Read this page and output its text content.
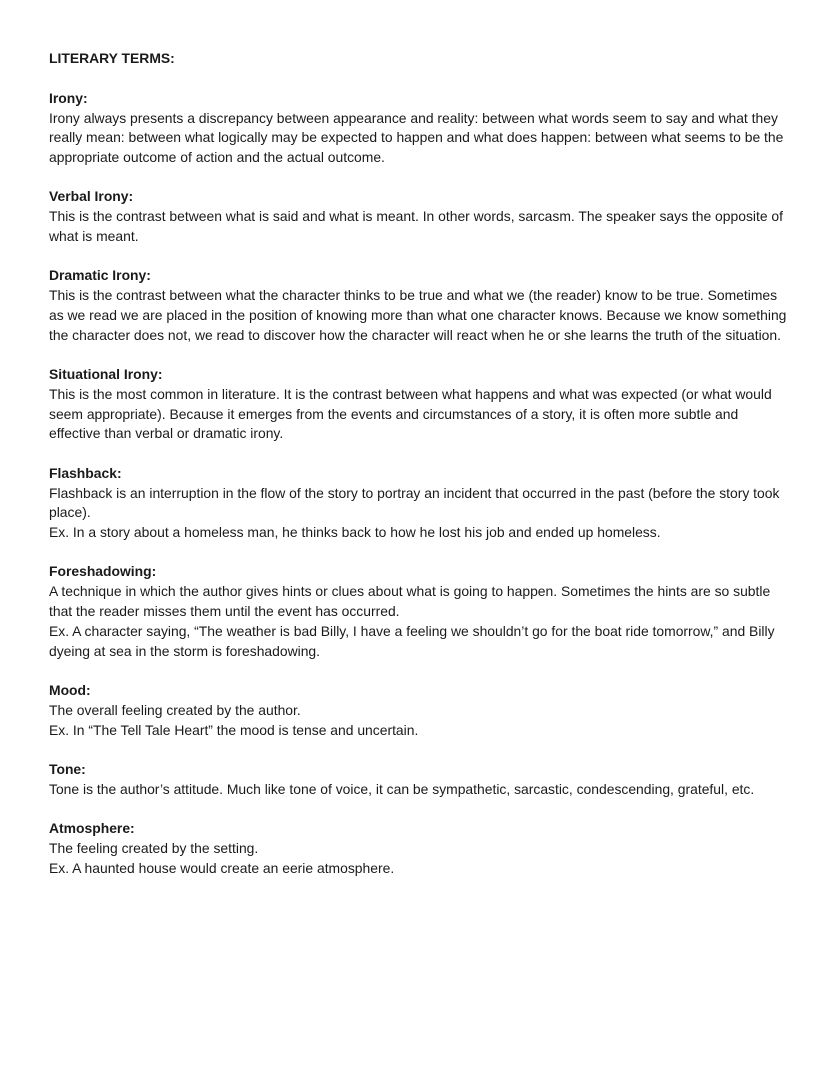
LITERARY TERMS:
Irony:
Irony always presents a discrepancy between appearance and reality: between what words seem to say and what they really mean: between what logically may be expected to happen and what does happen: between what seems to be the appropriate outcome of action and the actual outcome.
Verbal Irony:
This is the contrast between what is said and what is meant. In other words, sarcasm. The speaker says the opposite of what is meant.
Dramatic Irony:
This is the contrast between what the character thinks to be true and what we (the reader) know to be true. Sometimes as we read we are placed in the position of knowing more than what one character knows. Because we know something the character does not, we read to discover how the character will react when he or she learns the truth of the situation.
Situational Irony:
This is the most common in literature. It is the contrast between what happens and what was expected (or what would seem appropriate). Because it emerges from the events and circumstances of a story, it is often more subtle and effective than verbal or dramatic irony.
Flashback:
Flashback is an interruption in the flow of the story to portray an incident that occurred in the past (before the story took place).
Ex. In a story about a homeless man, he thinks back to how he lost his job and ended up homeless.
Foreshadowing:
A technique in which the author gives hints or clues about what is going to happen. Sometimes the hints are so subtle that the reader misses them until the event has occurred.
Ex. A character saying, “The weather is bad Billy, I have a feeling we shouldn’t go for the boat ride tomorrow,” and Billy dyeing at sea in the storm is foreshadowing.
Mood:
The overall feeling created by the author.
Ex. In “The Tell Tale Heart” the mood is tense and uncertain.
Tone:
Tone is the author’s attitude. Much like tone of voice, it can be sympathetic, sarcastic, condescending, grateful, etc.
Atmosphere:
The feeling created by the setting.
Ex. A haunted house would create an eerie atmosphere.
